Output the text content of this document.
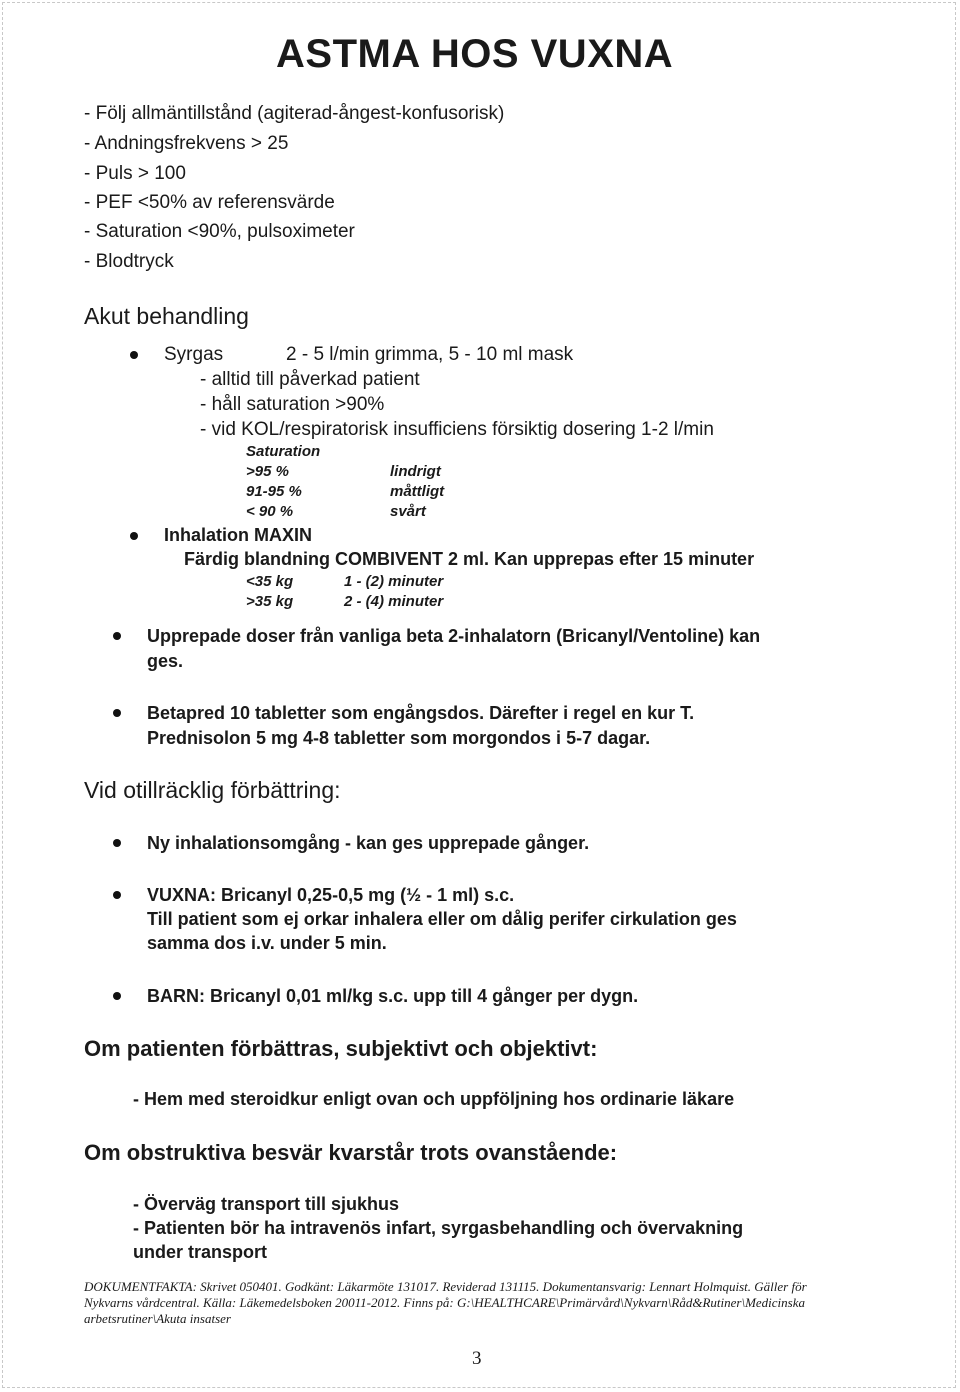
ASTMA HOS VUXNA
- Följ allmäntillstånd (agiterad-ångest-konfusorisk)
- Andningsfrekvens > 25
- Puls > 100
- PEF <50% av referensvärde
- Saturation <90%, pulsoximeter
- Blodtryck
Akut behandling
Syrgas	2 - 5 l/min grimma, 5 - 10 ml mask
- alltid till påverkad patient
- håll saturation >90%
- vid KOL/respiratorisk insufficiens försiktig dosering 1-2 l/min
Saturation
>95 %	lindrigt
91-95 %	måttligt
< 90 %	svårt
Inhalation MAXIN
Färdig blandning COMBIVENT 2 ml. Kan upprepas efter 15 minuter
<35 kg	1 - (2) minuter
>35 kg	2 - (4) minuter
Upprepade doser från vanliga beta 2-inhalatorn (Bricanyl/Ventoline) kan
ges.
Betapred 10 tabletter som engångsdos. Därefter i regel en kur T.
Prednisolon 5 mg 4-8 tabletter som morgondos i 5-7 dagar.
Vid otillräcklig förbättring:
Ny inhalationsomgång - kan ges upprepade gånger.
VUXNA: Bricanyl 0,25-0,5 mg (½ - 1 ml) s.c.
Till patient som ej orkar inhalera eller om dålig perifer cirkulation ges
samma dos i.v. under 5 min.
BARN: Bricanyl 0,01 ml/kg s.c. upp till 4 gånger per dygn.
Om patienten förbättras, subjektivt och objektivt:
- Hem med steroidkur enligt ovan och uppföljning hos ordinarie läkare
Om obstruktiva besvär kvarstår trots ovanstående:
- Överväg transport till sjukhus
- Patienten bör ha intravenös infart, syrgasbehandling och övervakning
under transport
DOKUMENTFAKTA: Skrivet 050401. Godkänt: Läkarmöte 131017. Reviderad 131115. Dokumentansvarig: Lennart Holmquist. Gäller för
Nykvarns vårdcentral. Källa: Läkemedelsboken 20011-2012. Finns på: G:\HEALTHCARE\Primärvård\Nykvarn\Råd&Rutiner\Medicinska
arbetsrutiner\Akuta insatser
3
